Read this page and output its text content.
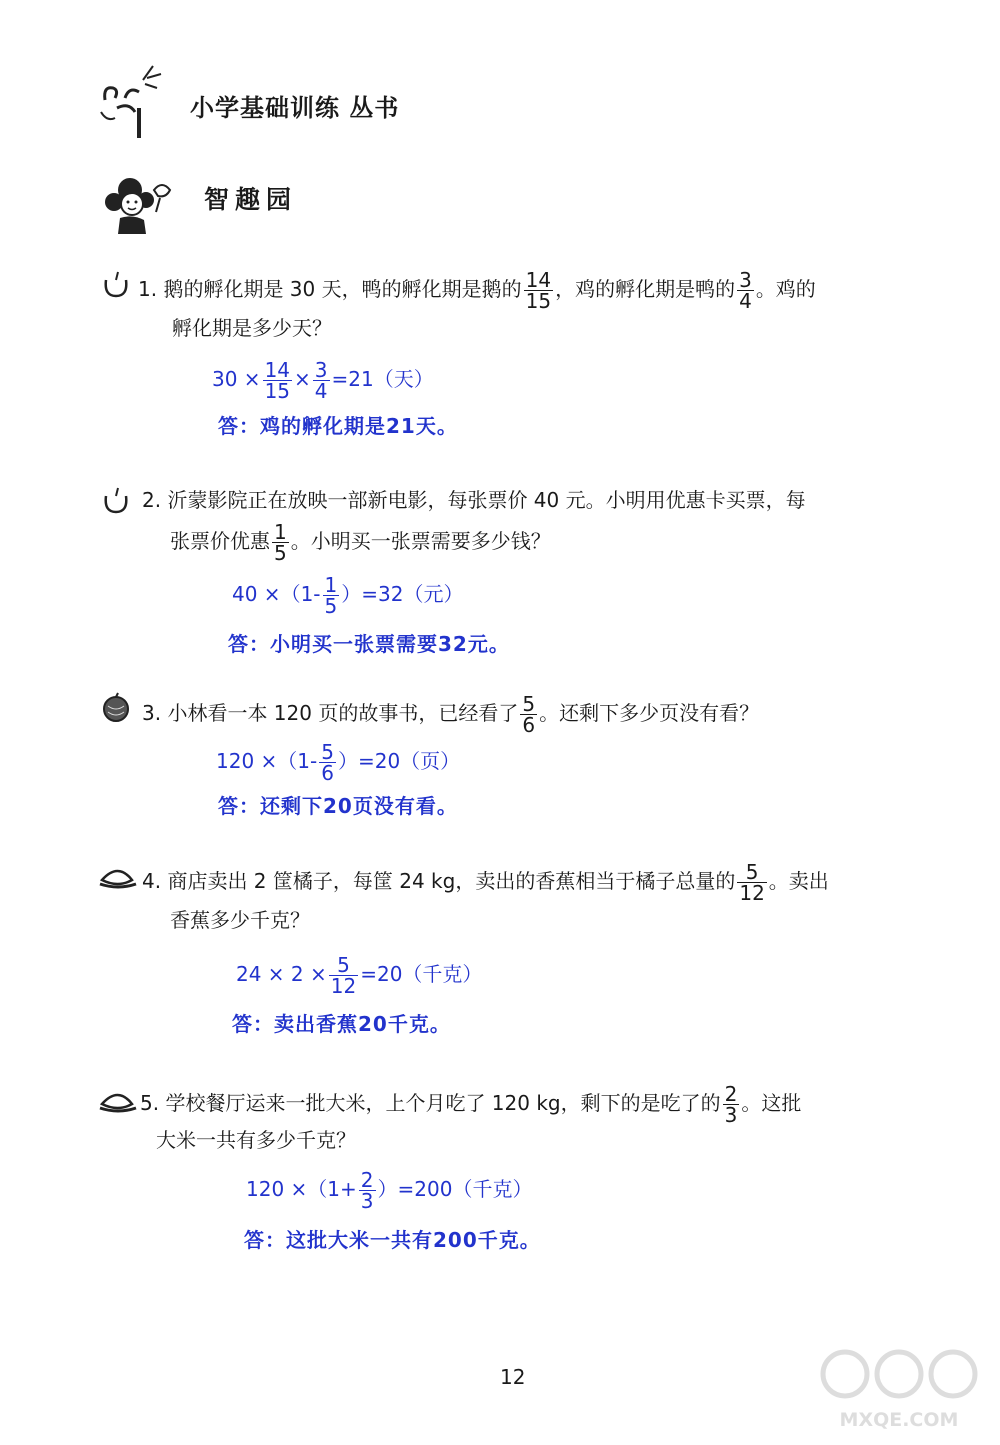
小学基础训练 丛书
智趣园
1. 鹅的孵化期是 30 天，鸭的孵化期是鹅的 $\frac{14}{15}$ ，鸡的孵化期是鸭的 $\frac{3}{4}$ 。鸡的
孵化期是多少天？
$30 \times \frac{14}{15} \times \frac{3}{4} =21$（天）
答：鸡的孵化期是21天。
2. 沂蒙影院正在放映一部新电影，每张票价 40 元。小明用优惠卡买票，每
张票价优惠 $\frac{1}{5}$ 。小明买一张票需要多少钱？
$40 \times(1- \frac{1}{5} )=32$（元）
答：小明买一张票需要32元。
3. 小林看一本 120 页的故事书，已经看了 $\frac{5}{6}$ 。还剩下多少页没有看？
$120 \times(1- \frac{5}{6} )=20$（页）
答：还剩下20页没有看。
4. 商店卖出 2 筐橘子，每筐 24 kg，卖出的香蕉相当于橘子总量的 $\frac{5}{12}$ 。卖出
香蕉多少千克？
$24 \times 2 \times \frac{5}{12} =20$（千克）
答：卖出香蕉20千克。
5. 学校餐厅运来一批大米，上个月吃了 120 kg，剩下的是吃了的 $\frac{2}{3}$ 。这批
大米一共有多少千克？
$120 \times(1+ \frac{2}{3} )=200$（千克）
答：这批大米一共有200千克。
12
MXQE.COM
